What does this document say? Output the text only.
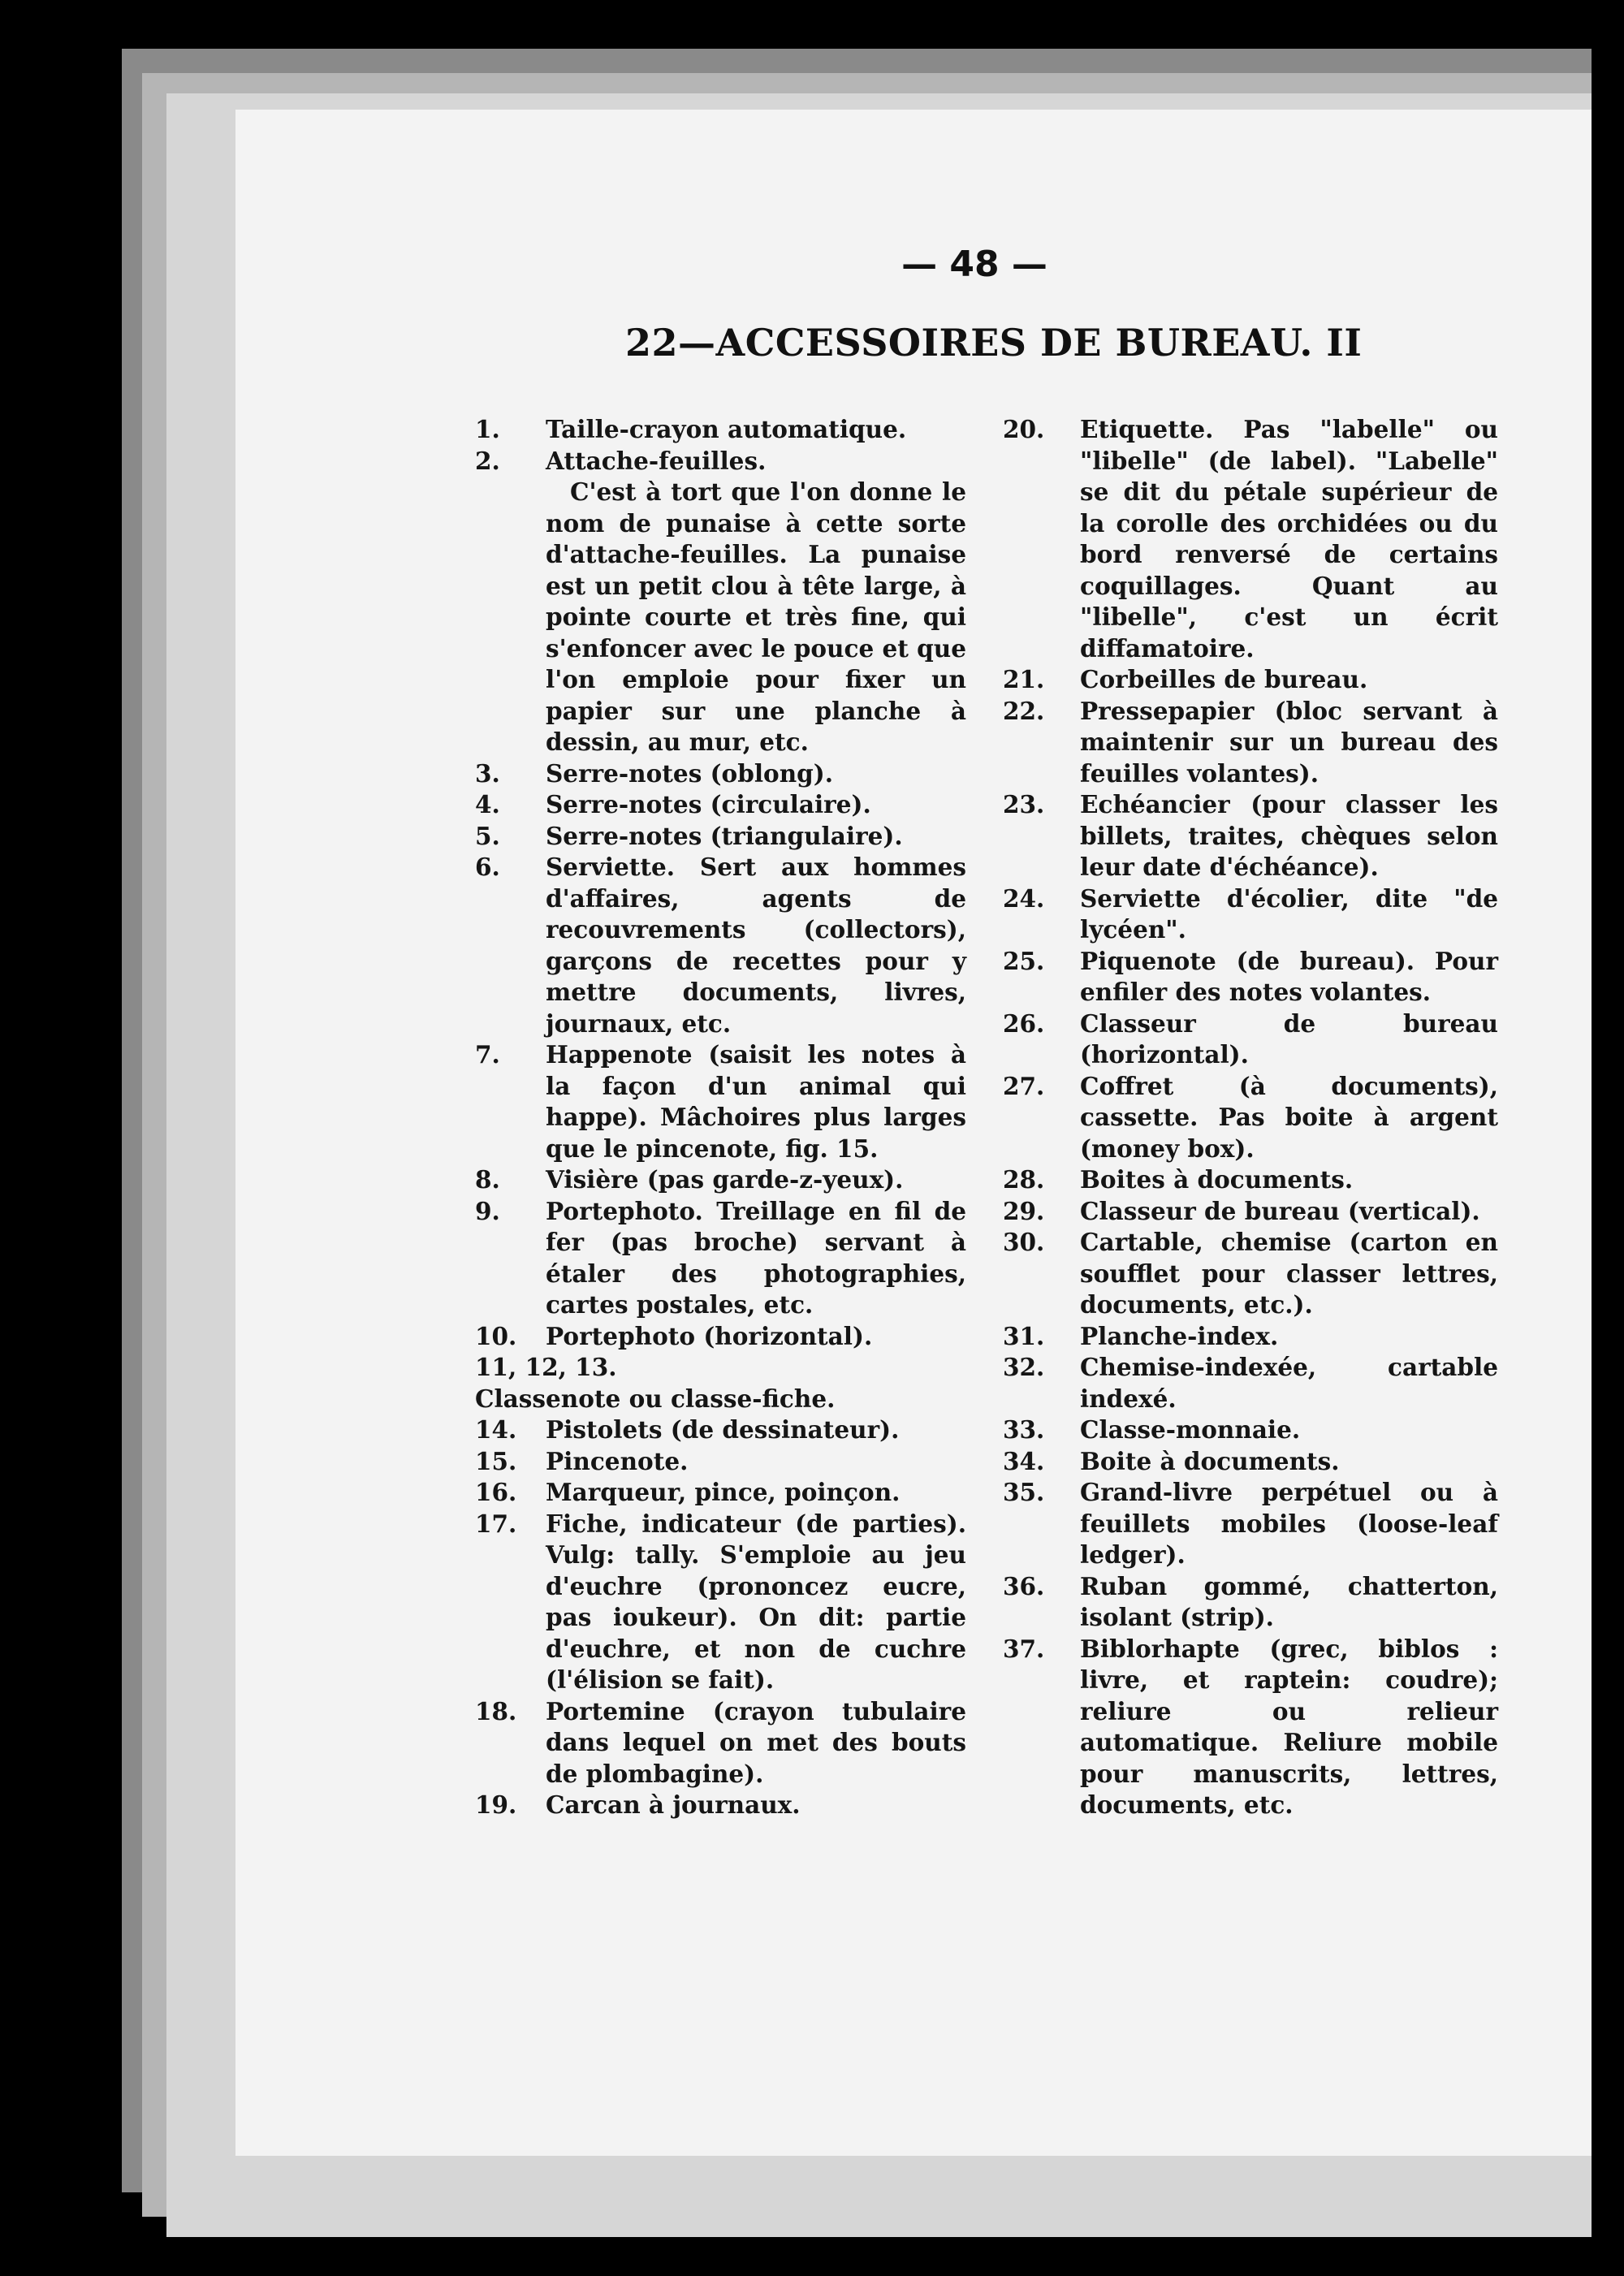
— 48 —
22—ACCESSOIRES DE BUREAU. II
1.	Taille-crayon automatique.
2.	Attache-feuilles.
C'est à tort que l'on donne le nom de punaise à cette sorte d'attache-feuilles. La punaise est un petit clou à tête large, à pointe courte et très fine, qui s'enfoncer avec le pouce et que l'on emploie pour fixer un papier sur une planche à dessin, au mur, etc.
3.	Serre-notes (oblong).
4.	Serre-notes (circulaire).
5.	Serre-notes (triangulaire).
6.	Serviette. Sert aux hommes d'affaires, agents de recouvrements (collectors), garçons de recettes pour y mettre documents, livres, journaux, etc.
7.	Happenote (saisit les notes à la façon d'un animal qui happe). Mâchoires plus larges que le pincenote, fig. 15.
8.	Visière (pas garde-z-yeux).
9.	Portephoto. Treillage en fil de fer (pas broche) servant à étaler des photographies, cartes postales, etc.
10.	Portephoto (horizontal).
11, 12, 13.
Classenote ou classe-fiche.
14.	Pistolets (de dessinateur).
15.	Pincenote.
16.	Marqueur, pince, poinçon.
17.	Fiche, indicateur (de parties). Vulg: tally. S'emploie au jeu d'euchre (prononcez eucre, pas ioukeur). On dit: partie d'euchre, et non de cuchre (l'élision se fait).
18.	Portemine (crayon tubulaire dans lequel on met des bouts de plombagine).
19.	Carcan à journaux.
20.	Etiquette. Pas "labelle" ou "libelle" (de label). "Labelle" se dit du pétale supérieur de la corolle des orchidées ou du bord renversé de certains coquillages. Quant au "libelle", c'est un écrit diffamatoire.
21.	Corbeilles de bureau.
22.	Pressepapier (bloc servant à maintenir sur un bureau des feuilles volantes).
23.	Echéancier (pour classer les billets, traites, chèques selon leur date d'échéance).
24.	Serviette d'écolier, dite "de lycéen".
25.	Piquenote (de bureau). Pour enfiler des notes volantes.
26.	Classeur de bureau (horizontal).
27.	Coffret (à documents), cassette. Pas boite à argent (money box).
28.	Boites à documents.
29.	Classeur de bureau (vertical).
30.	Cartable, chemise (carton en soufflet pour classer lettres, documents, etc.).
31.	Planche-index.
32.	Chemise-indexée, cartable indexé.
33.	Classe-monnaie.
34.	Boite à documents.
35.	Grand-livre perpétuel ou à feuillets mobiles (loose-leaf ledger).
36.	Ruban gommé, chatterton, isolant (strip).
37.	Biblorhapte (grec, biblos : livre, et raptein: coudre); reliure ou relieur automatique. Reliure mobile pour manuscrits, lettres, documents, etc.
